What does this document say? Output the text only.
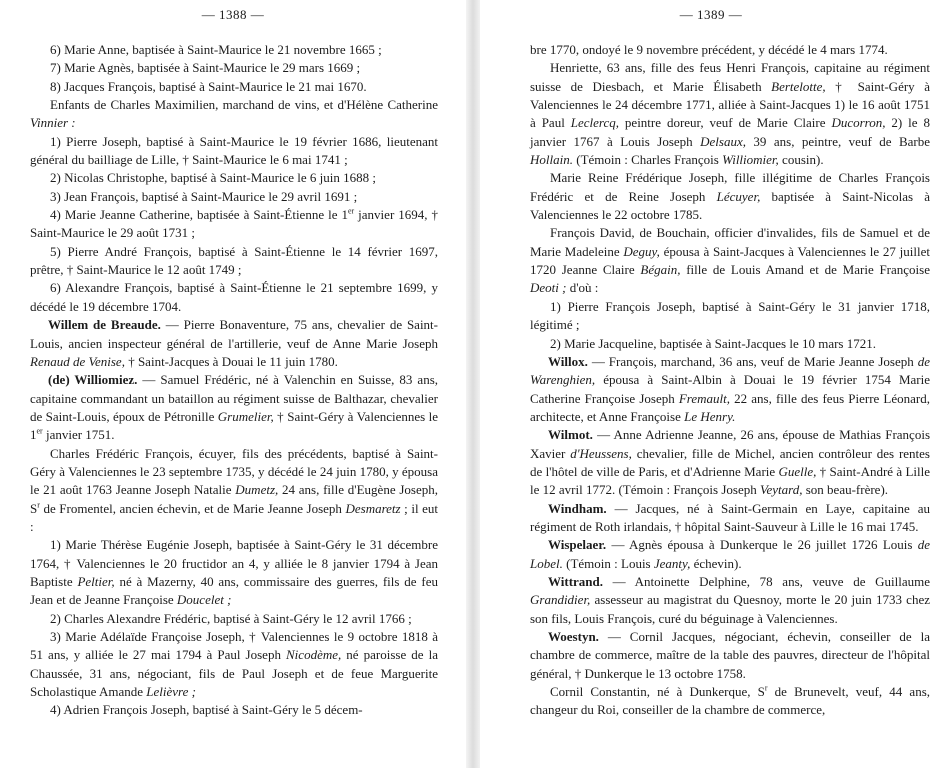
— 1388 —

6) Marie Anne, baptisée à Saint-Maurice le 21 novembre 1665 ;

7) Marie Agnès, baptisée à Saint-Maurice le 29 mars 1669 ;

8) Jacques François, baptisé à Saint-Maurice le 21 mai 1670.

Enfants de Charles Maximilien, marchand de vins, et d'Hélène Catherine Vinnier :

1) Pierre Joseph, baptisé à Saint-Maurice le 19 février 1686, lieutenant général du bailliage de Lille, † Saint-Maurice le 6 mai 1741 ;

2) Nicolas Christophe, baptisé à Saint-Maurice le 6 juin 1688 ;

3) Jean François, baptisé à Saint-Maurice le 29 avril 1691 ;

4) Marie Jeanne Catherine, baptisée à Saint-Étienne le 1er janvier 1694, † Saint-Maurice le 29 août 1731 ;

5) Pierre André François, baptisé à Saint-Étienne le 14 février 1697, prêtre, † Saint-Maurice le 12 août 1749 ;

6) Alexandre François, baptisé à Saint-Étienne le 21 septembre 1699, y décédé le 19 décembre 1704.

Willem de Breaude. — Pierre Bonaventure, 75 ans, chevalier de Saint-Louis, ancien inspecteur général de l'artillerie, veuf de Anne Marie Joseph Renaud de Venise, † Saint-Jacques à Douai le 11 juin 1780.

(de) Williomiez. — Samuel Frédéric, né à Valenchin en Suisse, 83 ans, capitaine commandant un bataillon au régiment suisse de Balthazar, chevalier de Saint-Louis, époux de Pétronille Grumelier, † Saint-Géry à Valenciennes le 1er janvier 1751.

Charles Frédéric François, écuyer, fils des précédents, baptisé à Saint-Géry à Valenciennes le 23 septembre 1735, y décédé le 24 juin 1780, y épousa le 21 août 1763 Jeanne Joseph Natalie Dumetz, 24 ans, fille d'Eugène Joseph, $S^r$ de Fromentel, ancien échevin, et de Marie Jeanne Joseph Desmaretz ; il eut :

1) Marie Thérèse Eugénie Joseph, baptisée à Saint-Géry le 31 décembre 1764, † Valenciennes le 20 fructidor an 4, y alliée le 8 janvier 1794 à Jean Baptiste Peltier, né à Mazerny, 40 ans, commissaire des guerres, fils de feu Jean et de Jeanne Françoise Doucelet ;

2) Charles Alexandre Frédéric, baptisé à Saint-Géry le 12 avril 1766 ;

3) Marie Adélaïde Françoise Joseph, † Valenciennes le 9 octobre 1818 à 51 ans, y alliée le 27 mai 1794 à Paul Joseph Nicodème, né paroisse de la Chaussée, 31 ans, négociant, fils de Paul Joseph et de feue Marguerite Scholastique Amande Lelièvre ;

4) Adrien François Joseph, baptisé à Saint-Géry le 5 décem-

— 1389 —

bre 1770, ondoyé le 9 novembre précédent, y décédé le 4 mars 1774.

Henriette, 63 ans, fille des feus Henri François, capitaine au régiment suisse de Diesbach, et Marie Élisabeth Bertelotte, † Saint-Géry à Valenciennes le 24 décembre 1771, alliée à Saint-Jacques 1) le 16 août 1751 à Paul Leclercq, peintre doreur, veuf de Marie Claire Ducorron, 2) le 8 janvier 1767 à Louis Joseph Delsaux, 39 ans, peintre, veuf de Barbe Hollain. (Témoin : Charles François Williomier, cousin).

Marie Reine Frédérique Joseph, fille illégitime de Charles François Frédéric et de Reine Joseph Lécuyer, baptisée à Saint-Nicolas à Valenciennes le 22 octobre 1785.

François David, de Bouchain, officier d'invalides, fils de Samuel et de Marie Madeleine Deguy, épousa à Saint-Jacques à Valenciennes le 27 juillet 1720 Jeanne Claire Bégain, fille de Louis Amand et de Marie Françoise Deoti ; d'où :

1) Pierre François Joseph, baptisé à Saint-Géry le 31 janvier 1718, légitimé ;

2) Marie Jacqueline, baptisée à Saint-Jacques le 10 mars 1721.

Willox. — François, marchand, 36 ans, veuf de Marie Jeanne Joseph de Warenghien, épousa à Saint-Albin à Douai le 19 février 1754 Marie Catherine Françoise Joseph Fremault, 22 ans, fille des feus Pierre Léonard, architecte, et Anne Françoise Le Henry.

Wilmot. — Anne Adrienne Jeanne, 26 ans, épouse de Mathias François Xavier d'Heussens, chevalier, fille de Michel, ancien contrôleur des rentes de l'hôtel de ville de Paris, et d'Adrienne Marie Guelle, † Saint-André à Lille le 12 avril 1772. (Témoin : François Joseph Veytard, son beau-frère).

Windham. — Jacques, né à Saint-Germain en Laye, capitaine au régiment de Roth irlandais, † hôpital Saint-Sauveur à Lille le 16 mai 1745.

Wispelaer. — Agnès épousa à Dunkerque le 26 juillet 1726 Louis de Lobel. (Témoin : Louis Jeanty, échevin).

Wittrand. — Antoinette Delphine, 78 ans, veuve de Guillaume Grandidier, assesseur au magistrat du Quesnoy, morte le 20 juin 1733 chez son fils, Louis François, curé du béguinage à Valenciennes.

Woestyn. — Cornil Jacques, négociant, échevin, conseiller de la chambre de commerce, maître de la table des pauvres, directeur de l'hôpital général, † Dunkerque le 13 octobre 1758.

Cornil Constantin, né à Dunkerque, $S^r$ de Brunevelt, veuf, 44 ans, changeur du Roi, conseiller de la chambre de commerce,
